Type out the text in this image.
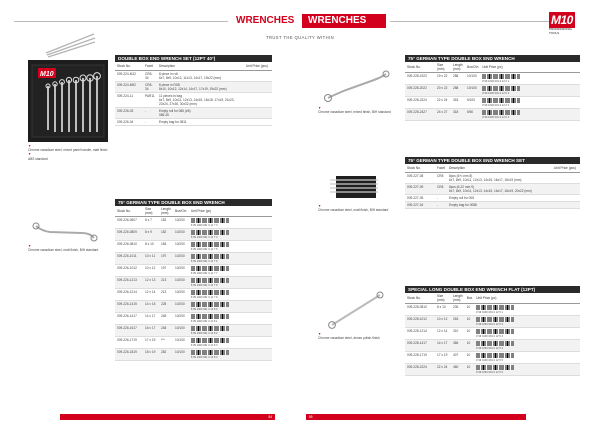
WRENCHES	WRENCHES
TRUST THE QUALITY WITHIN
M10
PROFESSIONAL TOOLS
M10
▼
Chrome vanadium steel, mixed panel handle, matt finish
▼
ABS standard
▼
Chrome vanadium steel, matt finish, BIH standard
DOUBLE BOX END WRENCH SET (12PT 40°)
Stock No.	Facet	Description	Unit Price (pcs)
009-224-M12	CR8-34	8 piece in roll
6x7, 8x9, 10x12, 11x13, 14x17, 19x22 (mm)	

009-224-M52	CR8-34	8 piece in R0B
8x10, 10x12, 12x14, 14x17, 17x19, 19x22 (mm)	

009-224-11	PAR11	11 pieces in bag
6x7, 8x9, 10x11, 12x13, 14x15, 16x18, 17x19, 21x23, 22x24, 27x30, 30x32 (mm)	

009-226-03	-	Empty roll for 086 (#6)
086-26	

009-226-04	-	Empty bag for 0811	

75° GERMAN TYPE DOUBLE BOX END WRENCH
Stock No.	Size (mm)	Length (mm)	Box/Ctn	Unit Price (pc)
009-226-0607	6 x 7	182	10/200	8 99 1000 001 0 11 7 3

009-226-0809	8 x 9	182	10/200	8 99 1000 001 0 11 7 4

009-226-0810	8 x 10	184	10/200	8 99 1000 001 0 11 7 5

009-226-1011	10 x 11	197	10/200	8 99 1000 001 0 11 7 6

009-226-1012	10 x 12	197	10/200	8 99 1000 001 0 11 7 7

009-226-1213	12 x 13	213	10/200	8 99 1000 001 0 11 7 8

009-226-1214	12 x 14	213	10/200	8 99 1000 001 0 11 7 9

009-226-1415	14 x 15	228	10/200	8 99 1000 001 0 11 8 0

009-226-1417	14 x 17	248	10/200	8 99 1000 001 0 11 8 1

009-226-1617	16 x 17	248	10/100	8 99 1000 001 0 11 8 2

009-226-1719	17 x 19	***	10/100	8 99 1000 001 0 11 8 3

009-226-1819	18 x 19	282	10/100	8 99 1000 001 0 11 8 4
▼
Chrome vanadium steel, mixed finish, BIH standard
▼
Chrome vanadium steel, matt finish, BIH standard
▼
Chrome vanadium steel, dense polish finish
75° GERMAN TYPE DOUBLE BOX END WRENCH
Stock No.	Size (mm)	Length (mm)	Box/Ctn	Unit Price (pc)
009-228-1922	19 x 22	288	10/100	8 99 1000 001 0 12 0 1

009-228-2022	20 x 22	288	10/100	8 99 1000 001 0 12 0 2

009-228-2224	22 x 24	318	5/100	8 99 1000 001 0 12 0 3

009-228-2427	24 x 27	318	5/50	8 99 1000 001 0 12 0 4
75° GERMAN TYPE DOUBLE BOX END WRENCH SET
Stock No.	Facet	Description	Unit Price (pcs)
009-227-08	CR8	8pcs (6+/-mm 8)
6x7, 8x9, 10x11, 12x13, 14x15, 16x17, 18x19 (mm)	

009-227-09	CR8	8pcs (6-22 mm 9)
6x7, 8x9, 10x11, 12x13, 14x15, 16x17, 18x19, 20x22 (mm)	

009-227-05	-	Empty roll for 008	

009-227-04	-	Empty bag for 0088	

SPECIAL LONG DOUBLE BOX END WRENCH FLAT (12PT)
Stock No.	Size (mm)	Length (mm)	Box	Unit Price (pc)
009-228-0810	8 x 10	235	10	8 99 1000 001 0 12 5 1

009-228-1012	10 x 12	263	10	8 99 1000 001 0 12 5 2

009-228-1214	12 x 14	310	10	8 99 1000 001 0 12 5 3

009-228-1417	14 x 17	366	10	8 99 1000 001 0 12 5 4

009-228-1719	17 x 19	407	10	8 99 1000 001 0 12 5 5

009-228-2224	22 x 24	460	10	8 99 1000 001 0 12 5 6
84	85
